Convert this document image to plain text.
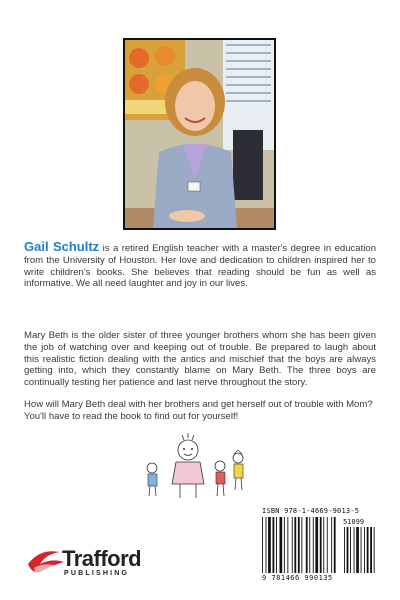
Gail Schultz is a retired English teacher with a master's degree in education from the University of Houston. Her love and dedication to children inspired her to write children's books. She believes that reading should be fun as well as informative. We all need laughter and joy in our lives.

Mary Beth is the older sister of three younger brothers whom she has been given the job of watching over and keeping out of trouble. Be prepared to laugh about this realistic fiction dealing with the antics and mischief that the boys are always getting into, which they constantly blame on Mary Beth. The three boys are continually testing her patience and last nerve throughout the story.

How will Mary Beth deal with her brothers and get herself out of trouble with Mom? You'll have to read the book to find out for yourself!

ISBN 978-1-4669-9013-5
51099
9 781466 990135
Trafford
PUBLISHING
